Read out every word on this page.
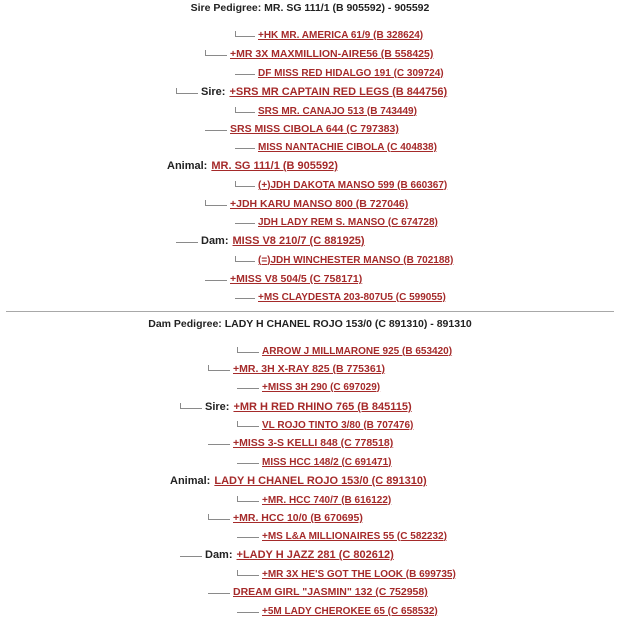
Sire Pedigree: MR. SG 111/1 (B 905592) - 905592
+HK MR. AMERICA 61/9 (B 328624)
+MR 3X MAXMILLION-AIRE56 (B 558425)
DF MISS RED HIDALGO 191 (C 309724)
Sire: +SRS MR CAPTAIN RED LEGS (B 844756)
SRS MR. CANAJO 513 (B 743449)
SRS MISS CIBOLA 644 (C 797383)
MISS NANTACHIE CIBOLA (C 404838)
Animal: MR. SG 111/1 (B 905592)
(+)JDH DAKOTA MANSO 599 (B 660367)
+JDH KARU MANSO 800 (B 727046)
JDH LADY REM S. MANSO (C 674728)
Dam: MISS V8 210/7 (C 881925)
(=)JDH WINCHESTER MANSO (B 702188)
+MISS V8 504/5 (C 758171)
+MS CLAYDESTA 203-807U5 (C 599055)
Dam Pedigree: LADY H CHANEL ROJO 153/0 (C 891310) - 891310
ARROW J MILLMARONE 925 (B 653420)
+MR. 3H X-RAY 825 (B 775361)
+MISS 3H 290 (C 697029)
Sire: +MR H RED RHINO 765 (B 845115)
VL ROJO TINTO 3/80 (B 707476)
+MISS 3-S KELLI 848 (C 778518)
MISS HCC 148/2 (C 691471)
Animal: LADY H CHANEL ROJO 153/0 (C 891310)
+MR. HCC 740/7 (B 616122)
+MR. HCC 10/0 (B 670695)
+MS L&A MILLIONAIRES 55 (C 582232)
Dam: +LADY H JAZZ 281 (C 802612)
+MR 3X HE'S GOT THE LOOK (B 699735)
DREAM GIRL "JASMIN" 132 (C 752958)
+5M LADY CHEROKEE 65 (C 658532)
